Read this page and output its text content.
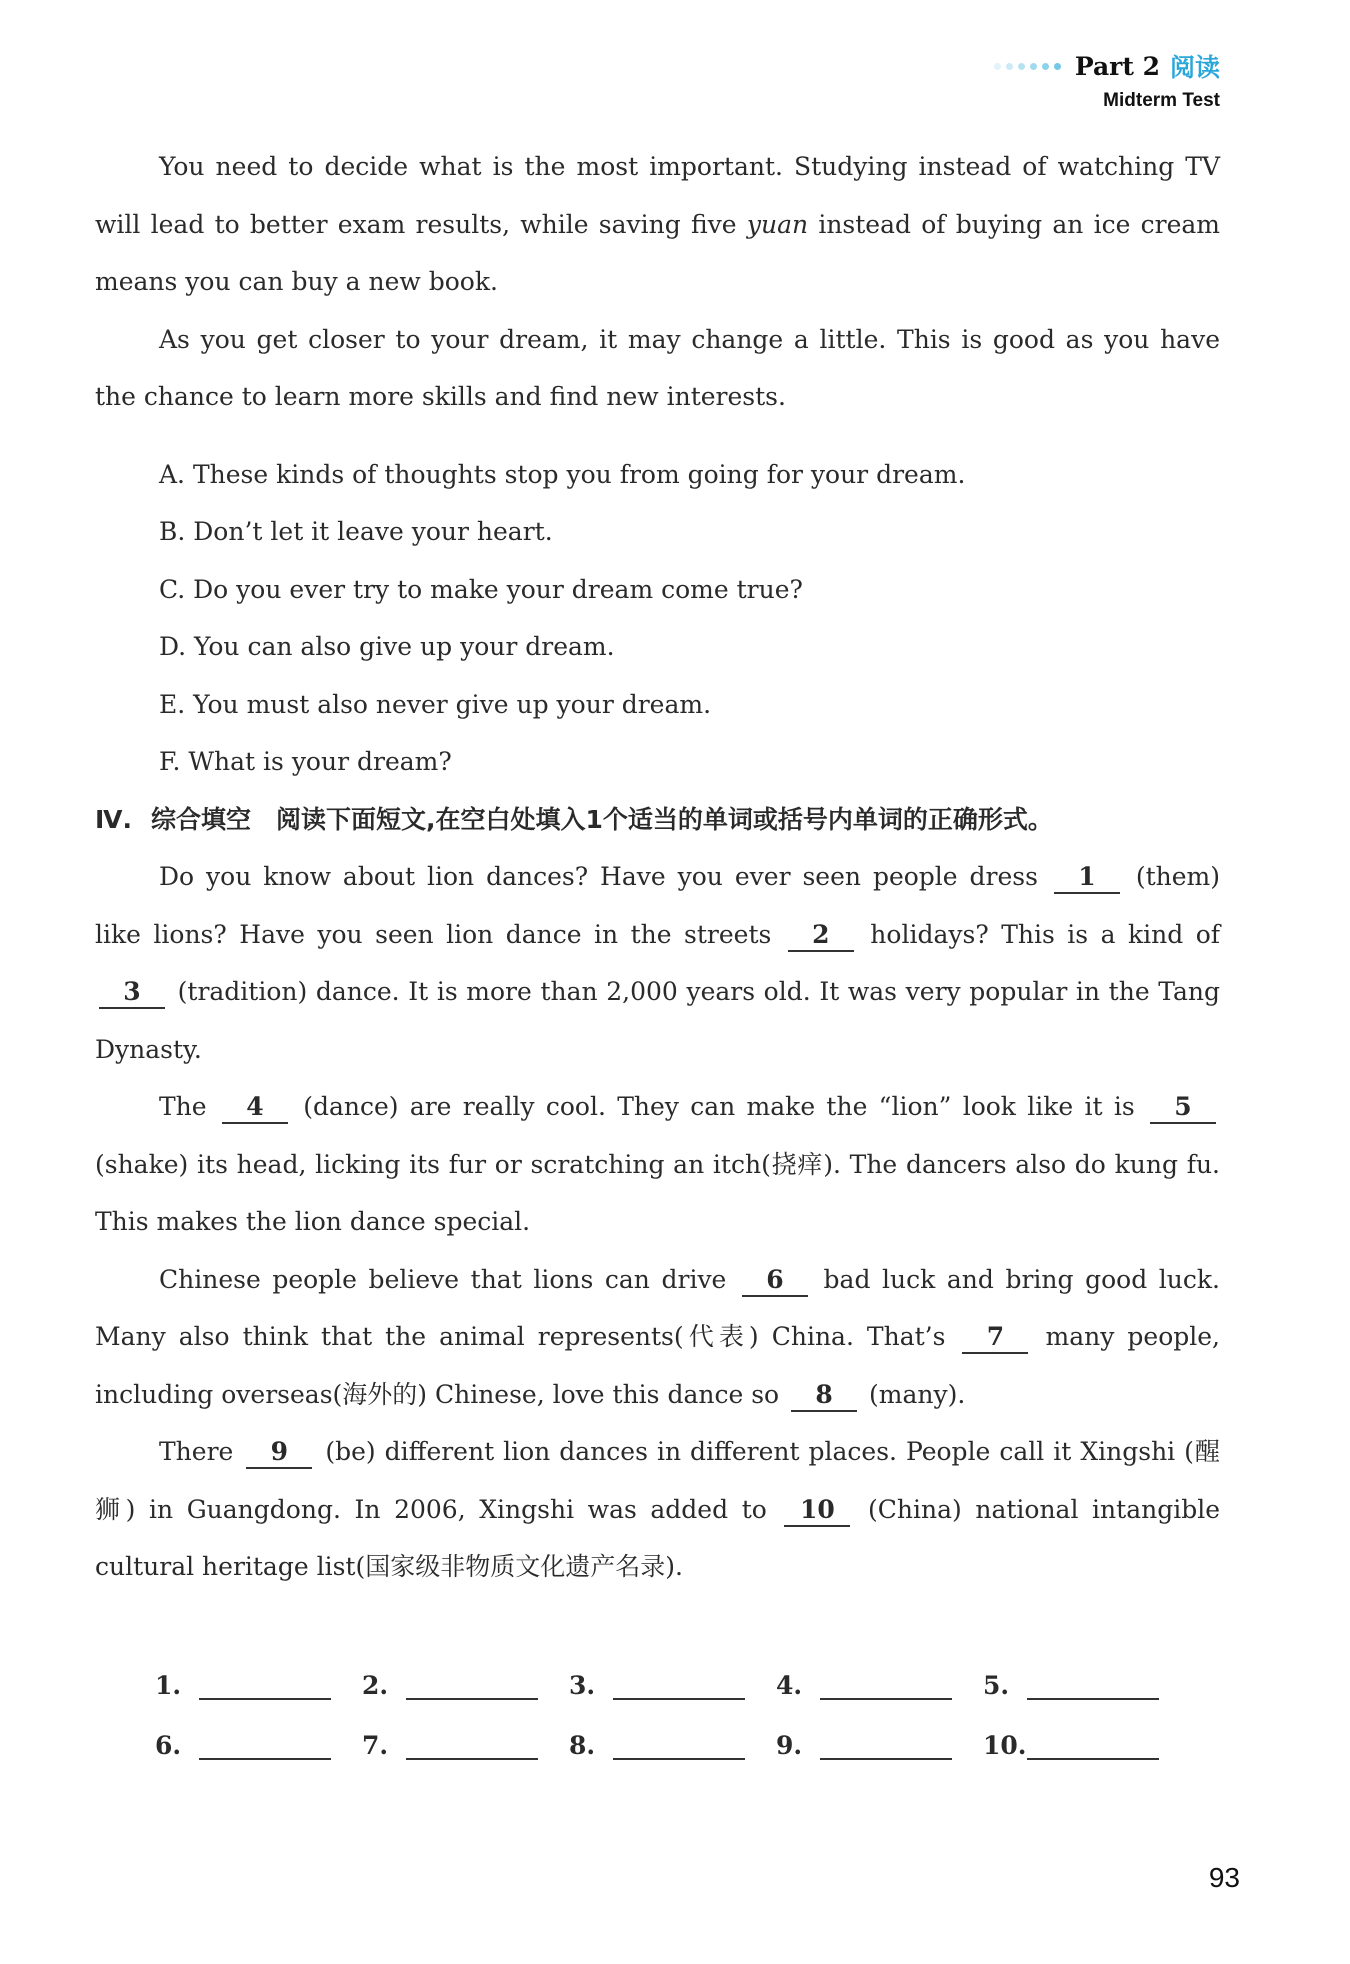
Part 2 阅读
Midterm Test

You need to decide what is the most important. Studying instead of watching TV will lead to better exam results, while saving five yuan instead of buying an ice cream means you can buy a new book.

As you get closer to your dream, it may change a little. This is good as you have the chance to learn more skills and find new interests.

A. These kinds of thoughts stop you from going for your dream.

B. Don’t let it leave your heart.

C. Do you ever try to make your dream come true?

D. You can also give up your dream.

E. You must also never give up your dream.

F. What is your dream?

Ⅳ. 综合填空　阅读下面短文,在空白处填入1个适当的单词或括号内单词的正确形式。

Do you know about lion dances? Have you ever seen people dress 1 (them) like lions? Have you seen lion dance in the streets 2 holidays? This is a kind of 3 (tradition) dance. It is more than 2,000 years old. It was very popular in the Tang Dynasty.

The 4 (dance) are really cool. They can make the “lion” look like it is 5 (shake) its head, licking its fur or scratching an itch(挠痒). The dancers also do kung fu. This makes the lion dance special.

Chinese people believe that lions can drive 6 bad luck and bring good luck. Many also think that the animal represents(代表) China. That’s 7 many people, including overseas(海外的) Chinese, love this dance so 8 (many).

There 9 (be) different lion dances in different places. People call it Xingshi (醒狮) in Guangdong. In 2006, Xingshi was added to 10 (China) national intangible cultural heritage list(国家级非物质文化遗产名录).

1.	2.	3.	4.	5.
6.	7.	8.	9.	10.
93
